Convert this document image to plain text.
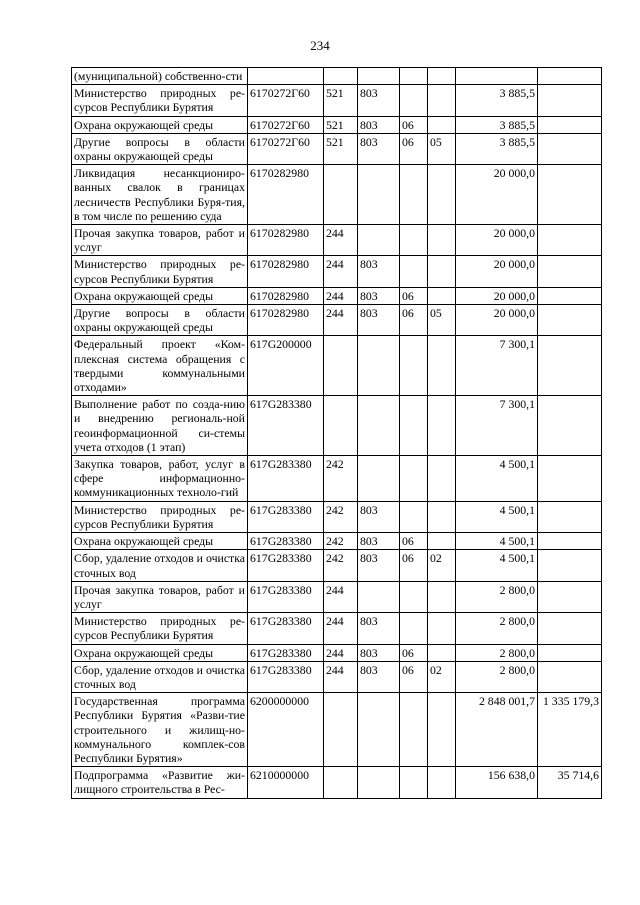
234
(муниципальной) собственно-сти							
Министерство природных ре-сурсов Республики Бурятия	6170272Г60	521	803			3 885,5	
Охрана окружающей среды	6170272Г60	521	803	06		3 885,5	
Другие вопросы в области охраны окружающей среды	6170272Г60	521	803	06	05	3 885,5	
Ликвидация несанкциониро-ванных свалок в границах лесничеств Республики Буря-тия, в том числе по решению суда	6170282980					20 000,0	
Прочая закупка товаров, работ и услуг	6170282980	244				20 000,0	
Министерство природных ре-сурсов Республики Бурятия	6170282980	244	803			20 000,0	
Охрана окружающей среды	6170282980	244	803	06		20 000,0	
Другие вопросы в области охраны окружающей среды	6170282980	244	803	06	05	20 000,0	
Федеральный проект «Ком-плексная система обращения с твердыми коммунальными отходами»	617G200000					7 300,1	
Выполнение работ по созда-нию и внедрению региональ-ной геоинформационной си-стемы учета отходов (1 этап)	617G283380					7 300,1	
Закупка товаров, работ, услуг в сфере информационно-коммуникационных техноло-гий	617G283380	242				4 500,1	
Министерство природных ре-сурсов Республики Бурятия	617G283380	242	803			4 500,1	
Охрана окружающей среды	617G283380	242	803	06		4 500,1	
Сбор, удаление отходов и очистка сточных вод	617G283380	242	803	06	02	4 500,1	
Прочая закупка товаров, работ и услуг	617G283380	244				2 800,0	
Министерство природных ре-сурсов Республики Бурятия	617G283380	244	803			2 800,0	
Охрана окружающей среды	617G283380	244	803	06		2 800,0	
Сбор, удаление отходов и очистка сточных вод	617G283380	244	803	06	02	2 800,0	
Государственная программа Республики Бурятия «Разви-тие строительного и жилищ-но-коммунального комплек-сов Республики Бурятия»	6200000000					2 848 001,7	1 335 179,3
Подпрограмма «Развитие жи-лищного строительства в Рес-	6210000000					156 638,0	35 714,6
